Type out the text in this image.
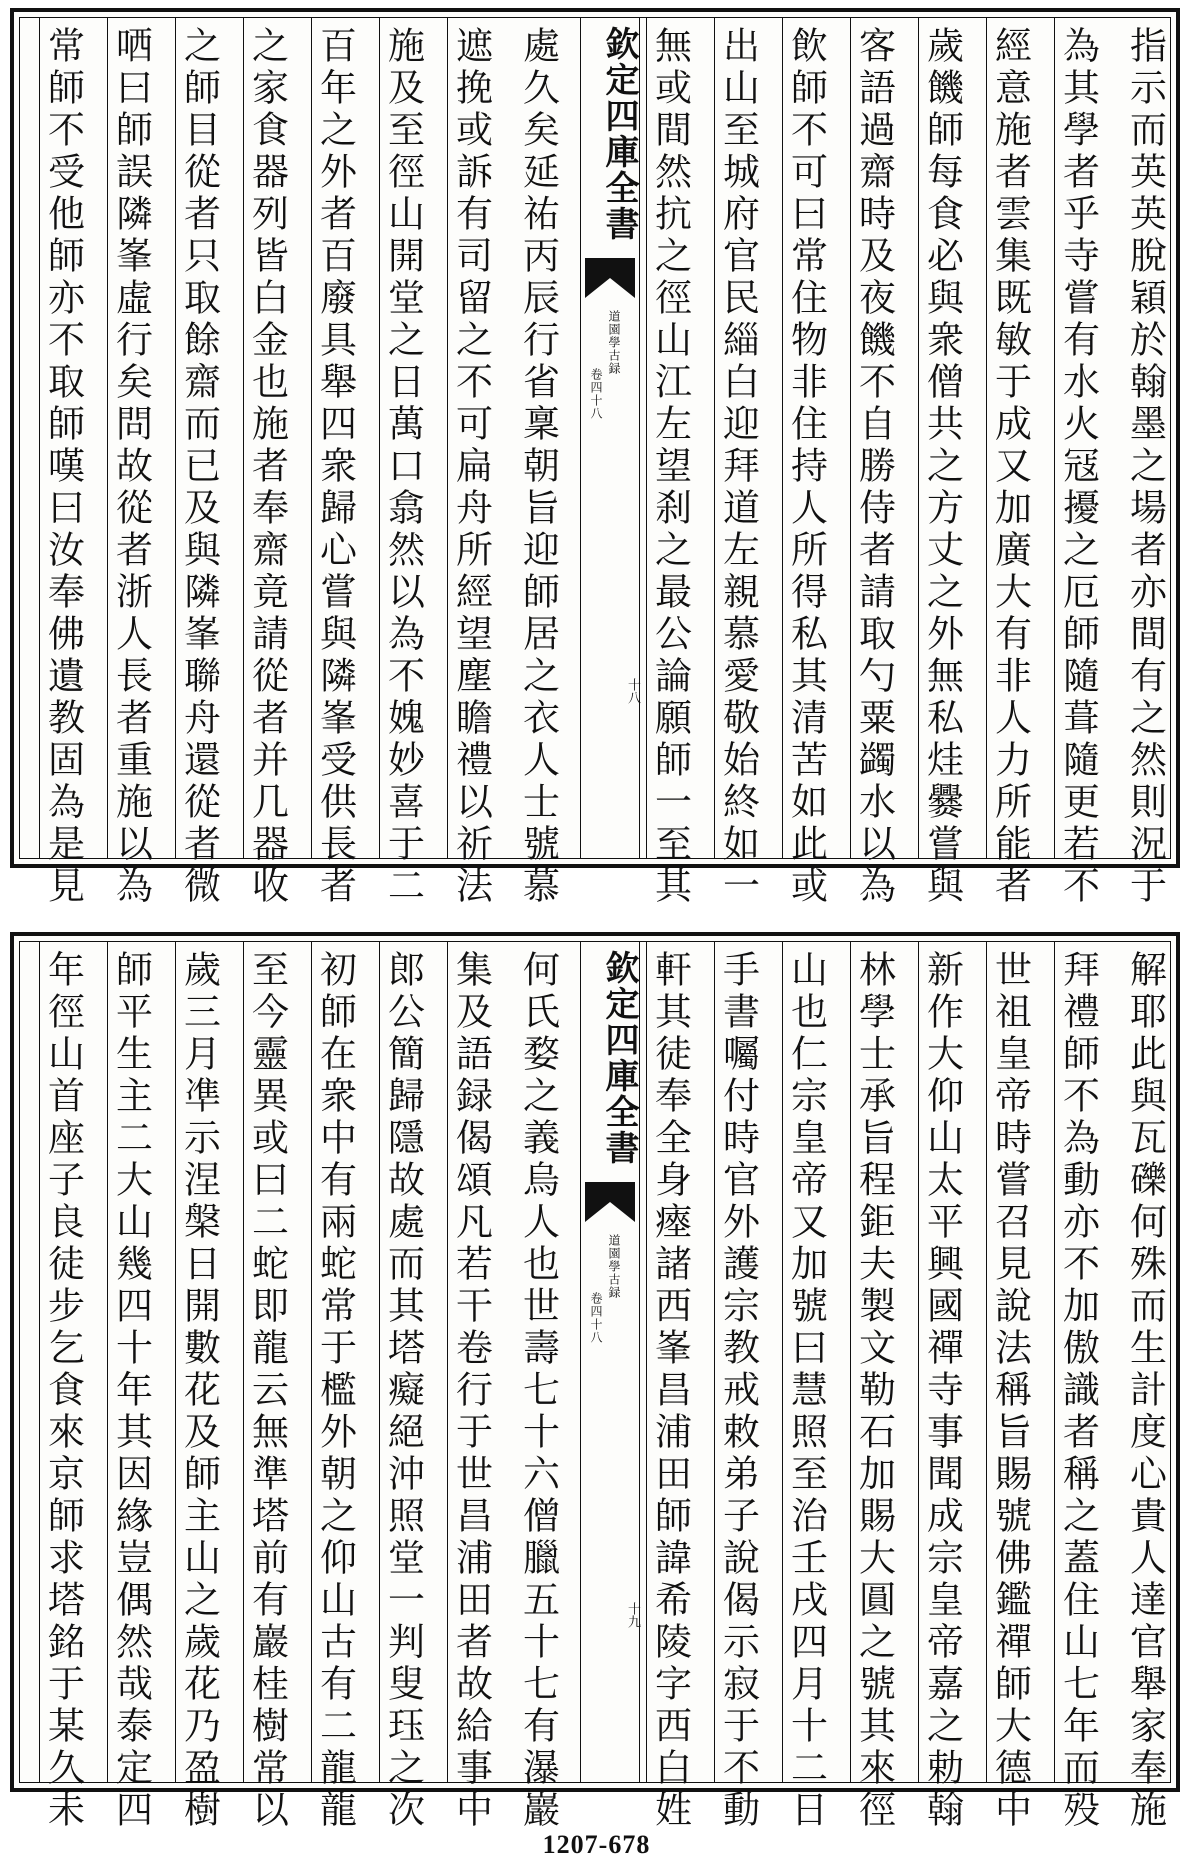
指示而英英脫穎於翰墨之場者亦間有之然則況于
為其學者乎寺嘗有水火冦擾之厄師隨葺隨更若不
經意施者雲集既敏于成又加廣大有非人力所能者
歲饑師每食必與衆僧共之方丈之外無私烓爨嘗與
客語過齋時及夜饑不自勝侍者請取勺粟蠲水以為
飲師不可曰常住物非住持人所得私其清苦如此或
出山至城府官民緇白迎拜道左親慕愛敬始終如一
無或間然抗之徑山江左望刹之最公論願師一至其
欽定四庫全書
道園學古録
卷四十八
十八
處久矣延祐丙辰行省稟朝旨迎師居之衣人士號慕
遮挽或訴有司留之不可扁舟所經望塵瞻禮以祈法
施及至徑山開堂之日萬口翕然以為不媿妙喜于二
百年之外者百廢具舉四衆歸心嘗與隣峯受供長者
之家食器列皆白金也施者奉齋竟請從者并几器收
之師目從者只取餘齋而已及與隣峯聯舟還從者微
哂曰師誤隣峯虛行矣問故從者浙人長者重施以為
常師不受他師亦不取師嘆曰汝奉佛遺教固為是見
解耶此與瓦礫何殊而生計度心貴人達官舉家奉施
拜禮師不為動亦不加傲識者稱之蓋住山七年而殁
世祖皇帝時嘗召見說法稱旨賜號佛鑑禪師大德中
新作大仰山太平興國禪寺事聞成宗皇帝嘉之勅翰
林學士承旨程鉅夫製文勒石加賜大圓之號其來徑
山也仁宗皇帝又加號曰慧照至治壬戌四月十二日
手書囑付時官外護宗教戒敕弟子說偈示寂于不動
軒其徒奉全身瘞諸西峯昌浦田師諱希陵字西白姓
欽定四庫全書
道園學古録
卷四十八
十九
何氏婺之義烏人也世壽七十六僧臘五十七有瀑巖
集及語録偈頌凡若干卷行于世昌浦田者故給事中
郎公簡歸隱故處而其塔癡絕沖照堂一判叟珏之次
初師在衆中有兩蛇常于檻外朝之仰山古有二龍龍
至今靈異或曰二蛇即龍云無準塔前有巖桂樹常以
歲三月凖示涅槃日開數花及師主山之歲花乃盈樹
師平生主二大山幾四十年其因緣豈偶然哉泰定四
年徑山首座子良徒步乞食來京師求塔銘于某久未
1207-678
